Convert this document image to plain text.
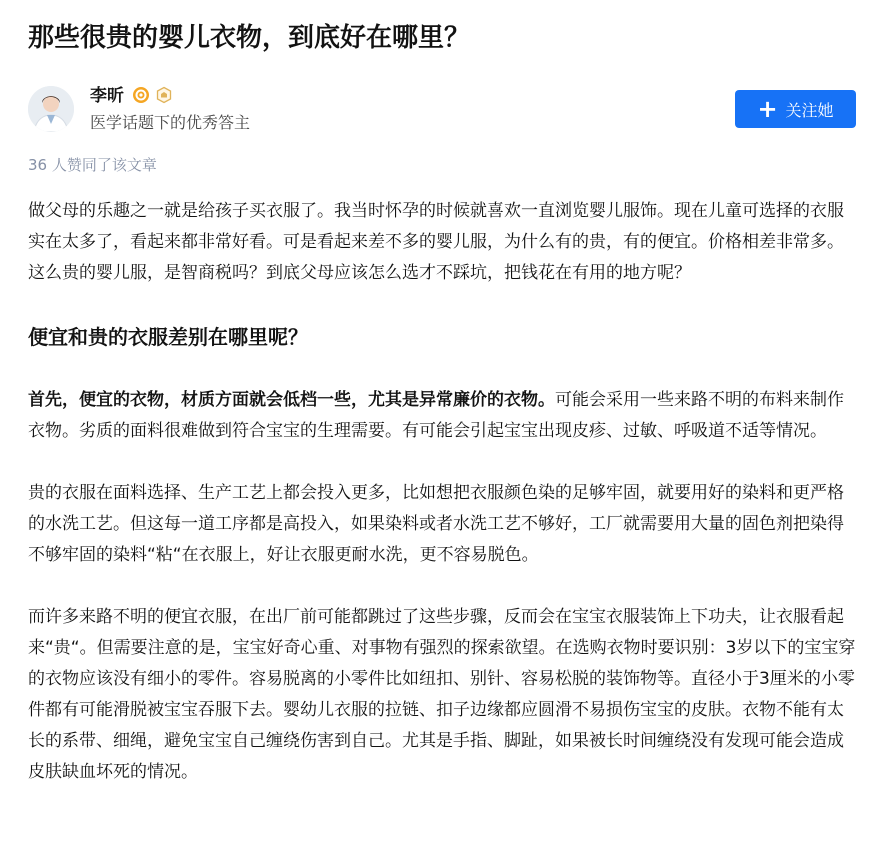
那些很贵的婴儿衣物，到底好在哪里？
李昕
医学话题下的优秀答主	+ 关注她
36 人赞同了该文章

做父母的乐趣之一就是给孩子买衣服了。我当时怀孕的时候就喜欢一直浏览婴儿服饰。现在儿童可选择的衣服实在太多了，看起来都非常好看。可是看起来差不多的婴儿服，为什么有的贵，有的便宜。价格相差非常多。这么贵的婴儿服，是智商税吗？到底父母应该怎么选才不踩坑，把钱花在有用的地方呢？

便宜和贵的衣服差别在哪里呢？

首先，便宜的衣物，材质方面就会低档一些，尤其是异常廉价的衣物。可能会采用一些来路不明的布料来制作衣物。劣质的面料很难做到符合宝宝的生理需要。有可能会引起宝宝出现皮疹、过敏、呼吸道不适等情况。

贵的衣服在面料选择、生产工艺上都会投入更多，比如想把衣服颜色染的足够牢固，就要用好的染料和更严格的水洗工艺。但这每一道工序都是高投入，如果染料或者水洗工艺不够好，工厂就需要用大量的固色剂把染得不够牢固的染料“粘“在衣服上，好让衣服更耐水洗，更不容易脱色。

而许多来路不明的便宜衣服，在出厂前可能都跳过了这些步骤，反而会在宝宝衣服装饰上下功夫，让衣服看起来“贵“。但需要注意的是，宝宝好奇心重、对事物有强烈的探索欲望。在选购衣物时要识别：3岁以下的宝宝穿的衣物应该没有细小的零件。容易脱离的小零件比如纽扣、别针、容易松脱的装饰物等。直径小于3厘米的小零件都有可能滑脱被宝宝吞服下去。婴幼儿衣服的拉链、扣子边缘都应圆滑不易损伤宝宝的皮肤。衣物不能有太长的系带、细绳，避免宝宝自己缠绕伤害到自己。尤其是手指、脚趾，如果被长时间缠绕没有发现可能会造成皮肤缺血坏死的情况。
